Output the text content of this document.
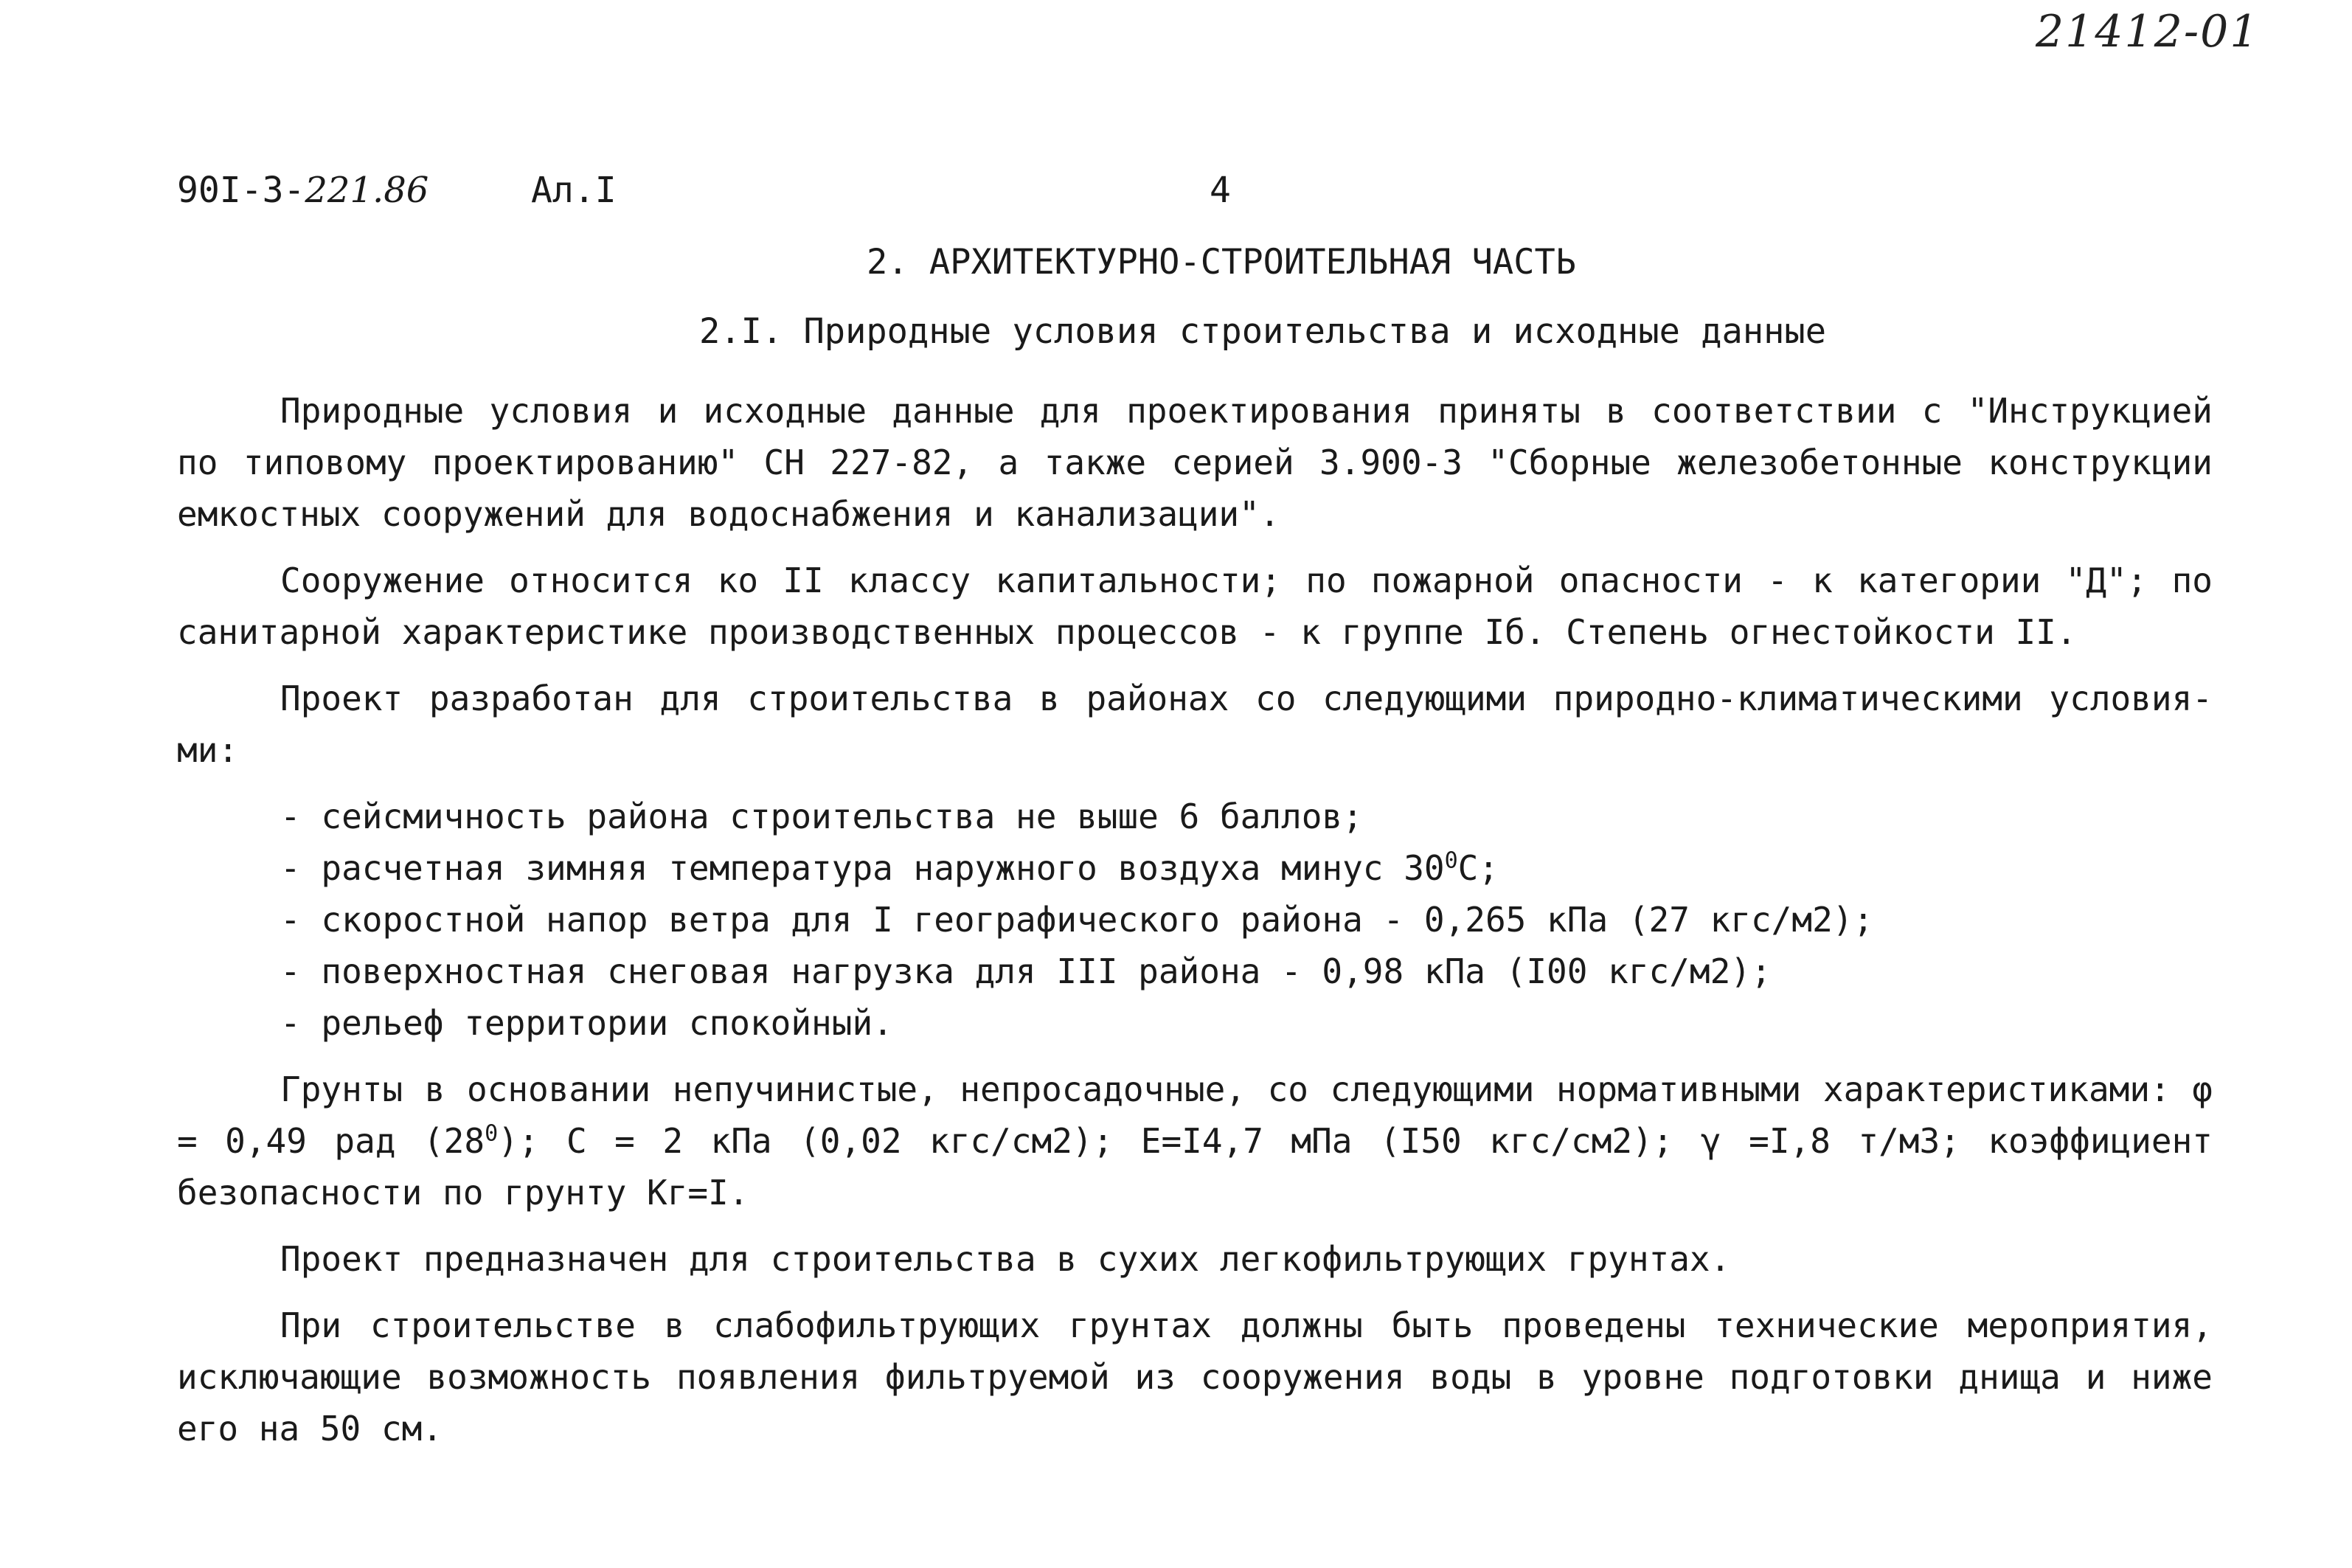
21412-01
90I-3-221.86	Ал.I	4
2. АРХИТЕКТУРНО-СТРОИТЕЛЬНАЯ ЧАСТЬ
2.I. Природные условия строительства и исходные данные

Природные условия и исходные данные для проектирования приняты в соответствии с "Инструкцией по типовому проектированию" СН 227-82, а также серией 3.900-3 "Сборные железобетонные конструкции емкостных сооружений для водоснабжения и канализации".

Сооружение относится ко II классу капитальности; по пожарной опасности - к категории "Д"; по санитарной характеристике производственных процессов - к группе Iб. Степень огнестойкости II.

Проект разработан для строительства в районах со следующими природно-климатическими условия-ми:

- сейсмичность района строительства не выше 6 баллов;
- расчетная зимняя температура наружного воздуха минус $30^0С$;
- скоростной напор ветра для I географического района - 0,265 кПа (27 кгс/м2);
- поверхностная снеговая нагрузка для III района - 0,98 кПа (I00 кгс/м2);
- рельеф территории спокойный.

Грунты в основании непучинистые, непросадочные, со следующими нормативными характеристиками: φ = 0,49 рад $(28^0)$; С = 2 кПа (0,02 кгс/см2); Е=I4,7 мПа (I50 кгс/см2); γ =I,8 т/м3; коэффициент безопасности по грунту Кг=I.

Проект предназначен для строительства в сухих легкофильтрующих грунтах.

При строительстве в слабофильтрующих грунтах должны быть проведены технические мероприятия, исключающие возможность появления фильтруемой из сооружения воды в уровне подготовки днища и ниже его на 50 см.
